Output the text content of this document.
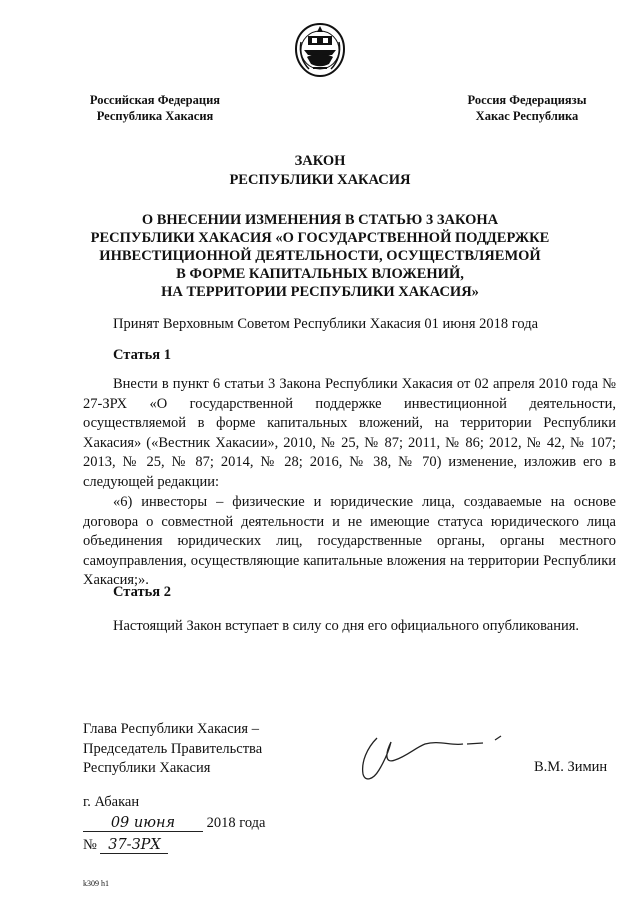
Российская Федерация
Республика Хакасия
Россия Федерациязы
Хакас Республика
ЗАКОН
РЕСПУБЛИКИ ХАКАСИЯ
О ВНЕСЕНИИ ИЗМЕНЕНИЯ В СТАТЬЮ 3 ЗАКОНА
РЕСПУБЛИКИ ХАКАСИЯ «О ГОСУДАРСТВЕННОЙ ПОДДЕРЖКЕ
ИНВЕСТИЦИОННОЙ ДЕЯТЕЛЬНОСТИ, ОСУЩЕСТВЛЯЕМОЙ
В ФОРМЕ КАПИТАЛЬНЫХ ВЛОЖЕНИЙ,
НА ТЕРРИТОРИИ РЕСПУБЛИКИ ХАКАСИЯ»
Принят Верховным Советом Республики Хакасия 01 июня 2018 года
Статья 1
Внести в пункт 6 статьи 3 Закона Республики Хакасия от 02 апреля 2010 года № 27-ЗРХ «О государственной поддержке инвестиционной деятельности, осуществляемой в форме капитальных вложений, на территории Республики Хакасия» («Вестник Хакасии», 2010, № 25, № 87; 2011, № 86; 2012, № 42, № 107; 2013, № 25, № 87; 2014, № 28; 2016, № 38, № 70) изменение, изложив его в следующей редакции:
«6) инвесторы – физические и юридические лица, создаваемые на основе договора о совместной деятельности и не имеющие статуса юридического лица объединения юридических лиц, государственные органы, органы местного самоуправления, осуществляющие капитальные вложения на территории Республики Хакасия;».
Статья 2
Настоящий Закон вступает в силу со дня его официального опубликования.
Глава Республики Хакасия –
Председатель Правительства
Республики Хакасия	В.М. Зимин
г. Абакан
09 июня 2018 года
№ 37-ЗРХ
k309 h1
